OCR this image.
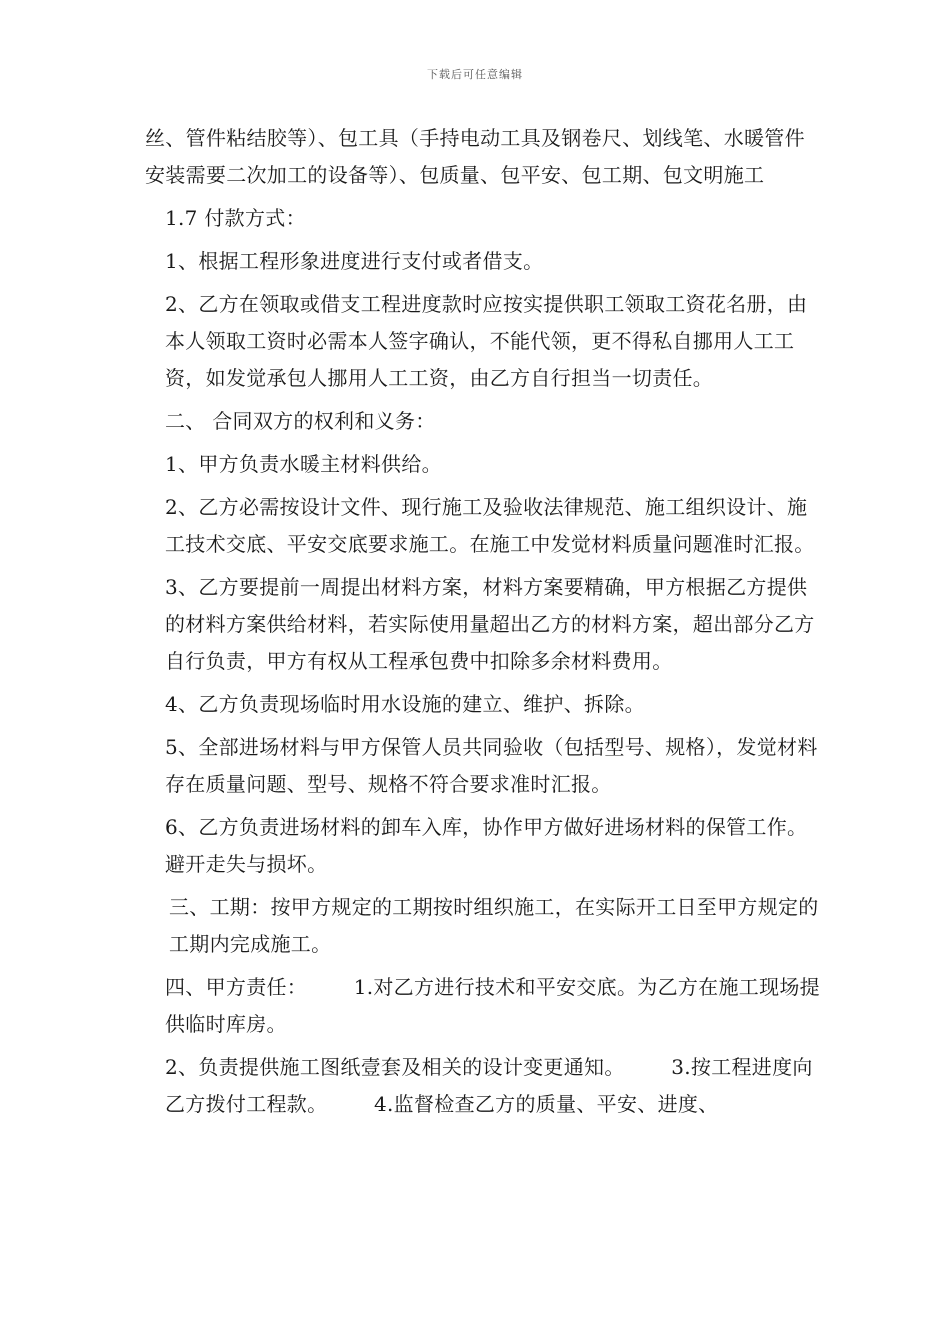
下载后可任意编辑

丝、管件粘结胶等）、包工具（手持电动工具及钢卷尺、划线笔、水暖管件安装需要二次加工的设备等）、包质量、包平安、包工期、包文明施工

1.7 付款方式：

1、根据工程形象进度进行支付或者借支。

2、乙方在领取或借支工程进度款时应按实提供职工领取工资花名册，由本人领取工资时必需本人签字确认，不能代领，更不得私自挪用人工工资，如发觉承包人挪用人工工资，由乙方自行担当一切责任。

二、 合同双方的权利和义务：

1、甲方负责水暖主材料供给。

2、乙方必需按设计文件、现行施工及验收法律规范、施工组织设计、施工技术交底、平安交底要求施工。在施工中发觉材料质量问题准时汇报。

3、乙方要提前一周提出材料方案，材料方案要精确，甲方根据乙方提供的材料方案供给材料，若实际使用量超出乙方的材料方案，超出部分乙方自行负责，甲方有权从工程承包费中扣除多余材料费用。

4、乙方负责现场临时用水设施的建立、维护、拆除。

5、全部进场材料与甲方保管人员共同验收（包括型号、规格），发觉材料存在质量问题、型号、规格不符合要求准时汇报。

6、乙方负责进场材料的卸车入库，协作甲方做好进场材料的保管工作。避开走失与损坏。

三、工期：按甲方规定的工期按时组织施工，在实际开工日至甲方规定的工期内完成施工。

四、甲方责任：       1.对乙方进行技术和平安交底。为乙方在施工现场提供临时库房。

2、负责提供施工图纸壹套及相关的设计变更通知。       3.按工程进度向乙方拨付工程款。       4.监督检查乙方的质量、平安、进度、
